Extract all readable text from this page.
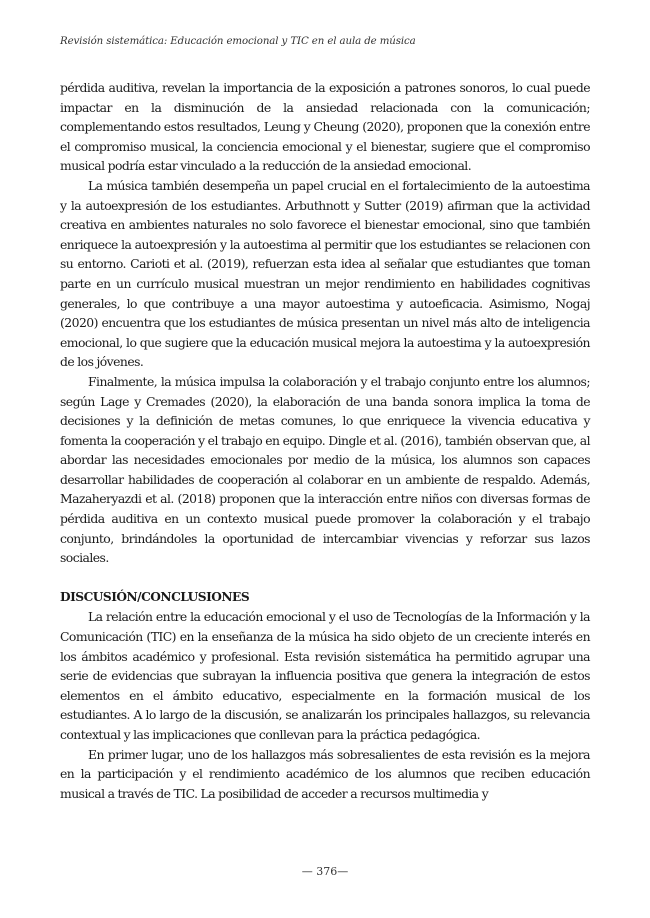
Revisión sistemática: Educación emocional y TIC en el aula de música

pérdida auditiva, revelan la importancia de la exposición a patrones sonoros, lo cual puede impactar en la disminución de la ansiedad relacionada con la comunicación; complementando estos resultados, Leung y Cheung (2020), proponen que la conexión entre el compromiso musical, la conciencia emocional y el bienestar, sugiere que el compromiso musical podría estar vinculado a la reducción de la ansiedad emocional.

La música también desempeña un papel crucial en el fortalecimiento de la autoestima y la autoexpresión de los estudiantes. Arbuthnott y Sutter (2019) afirman que la actividad creativa en ambientes naturales no solo favorece el bienestar emocional, sino que también enriquece la autoexpresión y la autoestima al permitir que los estudiantes se relacionen con su entorno. Carioti et al. (2019), refuerzan esta idea al señalar que estudiantes que toman parte en un currículo musical muestran un mejor rendimiento en habilidades cognitivas generales, lo que contribuye a una mayor autoestima y autoeficacia. Asimismo, Nogaj (2020) encuentra que los estudiantes de música presentan un nivel más alto de inteligencia emocional, lo que sugiere que la educación musical mejora la autoestima y la autoexpresión de los jóvenes.

Finalmente, la música impulsa la colaboración y el trabajo conjunto entre los alumnos; según Lage y Cremades (2020), la elaboración de una banda sonora implica la toma de decisiones y la definición de metas comunes, lo que enriquece la vivencia educativa y fomenta la cooperación y el trabajo en equipo. Dingle et al. (2016), también observan que, al abordar las necesidades emocionales por medio de la música, los alumnos son capaces desarrollar habilidades de cooperación al colaborar en un ambiente de respaldo. Además, Mazaheryazdi et al. (2018) proponen que la interacción entre niños con diversas formas de pérdida auditiva en un contexto musical puede promover la colaboración y el trabajo conjunto, brindándoles la oportunidad de intercambiar vivencias y reforzar sus lazos sociales.

DISCUSIÓN/CONCLUSIONES

La relación entre la educación emocional y el uso de Tecnologías de la Información y la Comunicación (TIC) en la enseñanza de la música ha sido objeto de un creciente interés en los ámbitos académico y profesional. Esta revisión sistemática ha permitido agrupar una serie de evidencias que subrayan la influencia positiva que genera la integración de estos elementos en el ámbito educativo, especialmente en la formación musical de los estudiantes. A lo largo de la discusión, se analizarán los principales hallazgos, su relevancia contextual y las implicaciones que conllevan para la práctica pedagógica.

En primer lugar, uno de los hallazgos más sobresalientes de esta revisión es la mejora en la participación y el rendimiento académico de los alumnos que reciben educación musical a través de TIC. La posibilidad de acceder a recursos multimedia y

— 376—
